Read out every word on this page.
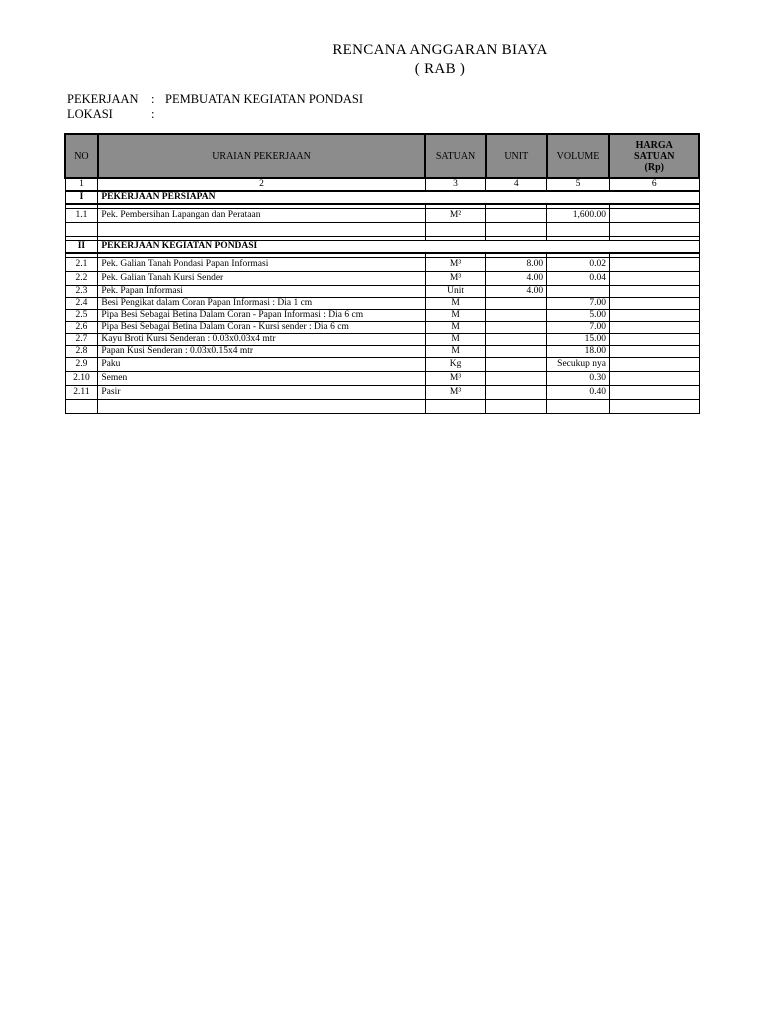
RENCANA ANGGARAN BIAYA
( RAB )
PEKERJAAN : PEMBUATAN KEGIATAN PONDASI
LOKASI	:
NO	URAIAN PEKERJAAN	SATUAN	UNIT	VOLUME	HARGA
SATUAN
(Rp)

1	2	3	4	5	6
I	PEKERJAAN PERSIAPAN				

1.1	Pek. Pembersihan Lapangan dan Perataan	M²		1,600.00	

II	PEKERJAAN KEGIATAN PONDASI				

2.1	Pek. Galian Tanah Pondasi Papan Informasi	M³	8.00	0.02	
2.2	Pek. Galian Tanah Kursi Sender	M³	4.00	0.04	
2.3	Pek. Papan Informasi	Unit	4.00		
2.4	Besi Pengikat dalam Coran Papan Informasi : Dia 1 cm	M		7.00	
2.5	Pipa Besi Sebagai Betina Dalam Coran - Papan Informasi : Dia 6 cm	M		5.00	
2.6	Pipa Besi Sebagai Betina Dalam Coran - Kursi sender : Dia 6 cm	M		7.00	
2.7	Kayu Broti Kursi Senderan : 0.03x0.03x4 mtr	M		15.00	
2.8	Papan Kusi Senderan : 0.03x0.15x4 mtr	M		18.00	
2.9	Paku	Kg		Secukup nya	
2.10	Semen	M³		0.30	
2.11	Pasir	M³		0.40	
